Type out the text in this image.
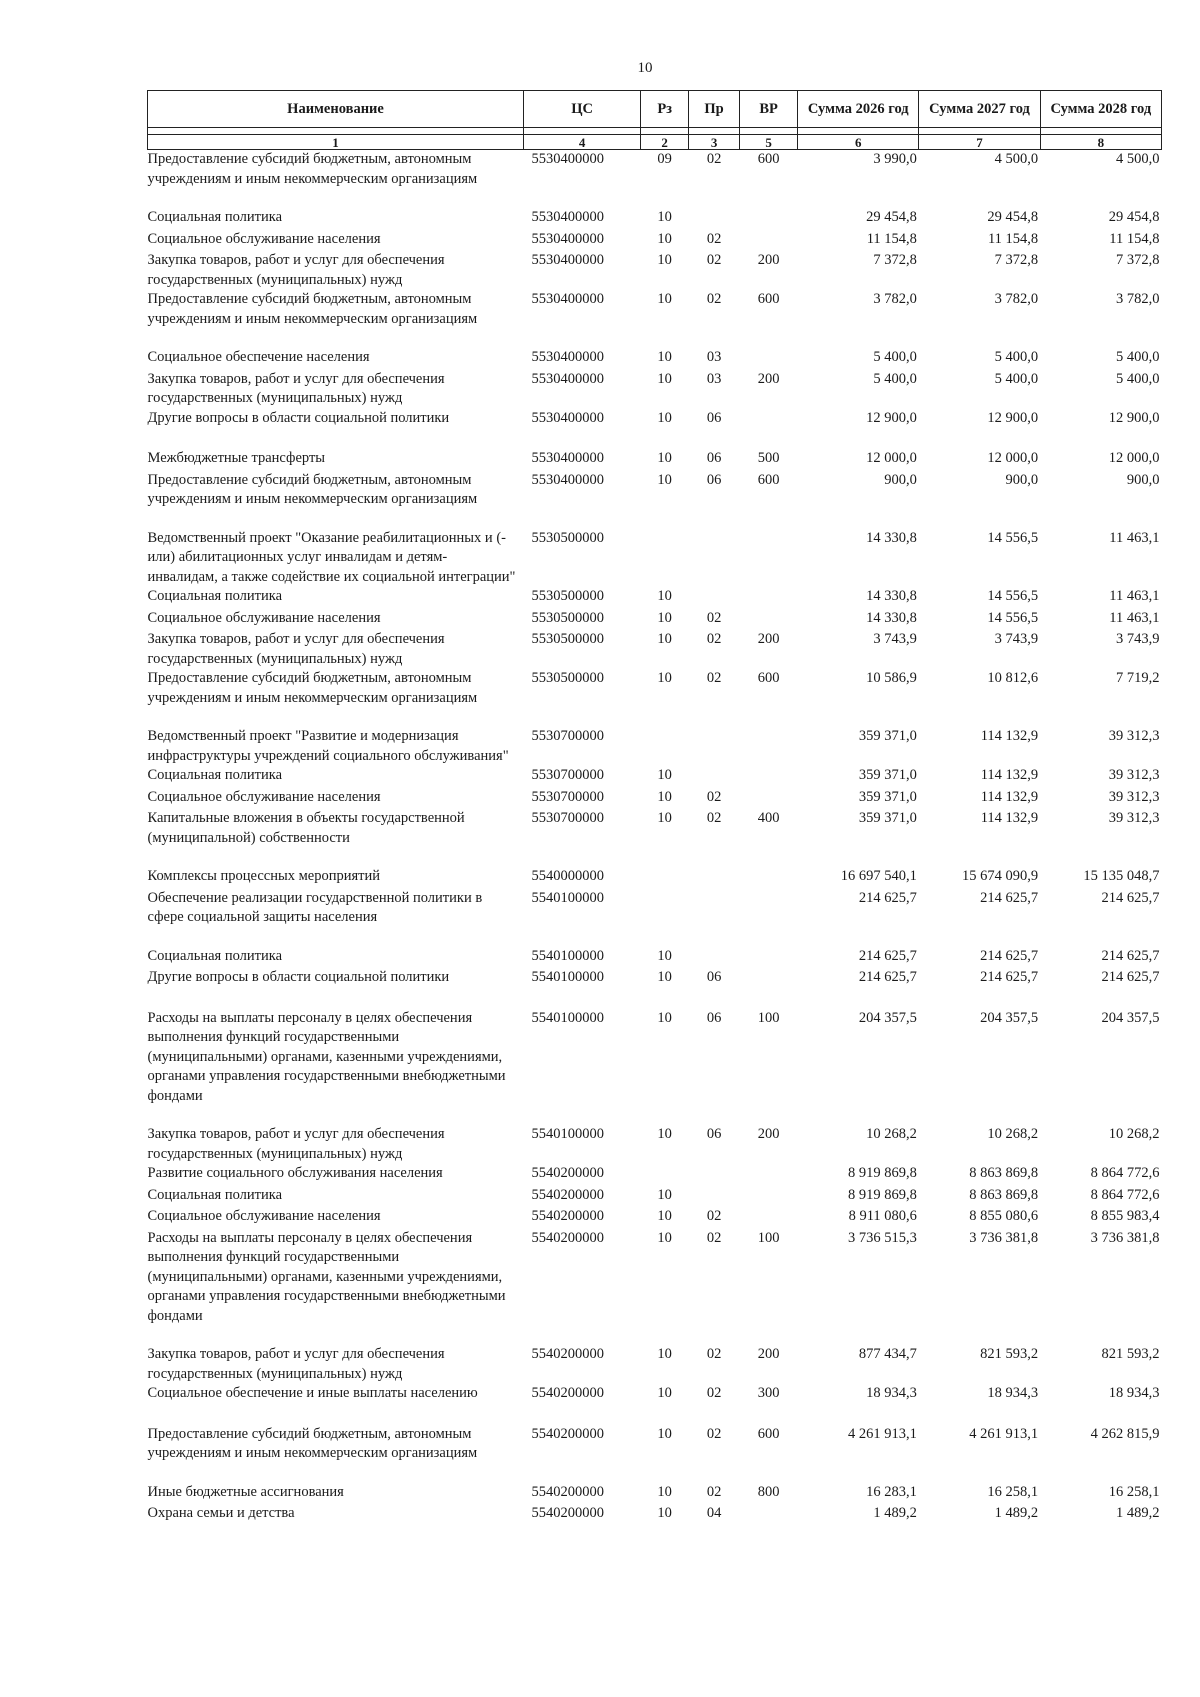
10
Наименование	ЦС	Рз	Пр	ВР	Сумма 2026 год	Сумма 2027 год	Сумма 2028 год

1	4	2	3	5	6	7	8
Предоставление субсидий бюджетным, автономным учреждениям и иным некоммерческим организациям	5530400000	09	02	600	3 990,0	4 500,0	4 500,0
Социальная политика	5530400000	10			29 454,8	29 454,8	29 454,8
Социальное обслуживание населения	5530400000	10	02		11 154,8	11 154,8	11 154,8
Закупка товаров, работ и услуг для обеспечения государственных (муниципальных) нужд	5530400000	10	02	200	7 372,8	7 372,8	7 372,8
Предоставление субсидий бюджетным, автономным учреждениям и иным некоммерческим организациям	5530400000	10	02	600	3 782,0	3 782,0	3 782,0
Социальное обеспечение населения	5530400000	10	03		5 400,0	5 400,0	5 400,0
Закупка товаров, работ и услуг для обеспечения государственных (муниципальных) нужд	5530400000	10	03	200	5 400,0	5 400,0	5 400,0
Другие вопросы в области социальной политики	5530400000	10	06		12 900,0	12 900,0	12 900,0
Межбюджетные трансферты	5530400000	10	06	500	12 000,0	12 000,0	12 000,0
Предоставление субсидий бюджетным, автономным учреждениям и иным некоммерческим организациям	5530400000	10	06	600	900,0	900,0	900,0
Ведомственный проект "Оказание реабилитационных и (-или) абилитационных услуг инвалидам и детям-инвалидам, а также содействие их социальной интеграции"	5530500000				14 330,8	14 556,5	11 463,1
Социальная политика	5530500000	10			14 330,8	14 556,5	11 463,1
Социальное обслуживание населения	5530500000	10	02		14 330,8	14 556,5	11 463,1
Закупка товаров, работ и услуг для обеспечения государственных (муниципальных) нужд	5530500000	10	02	200	3 743,9	3 743,9	3 743,9
Предоставление субсидий бюджетным, автономным учреждениям и иным некоммерческим организациям	5530500000	10	02	600	10 586,9	10 812,6	7 719,2
Ведомственный проект "Развитие и модернизация инфраструктуры учреждений социального обслуживания"	5530700000				359 371,0	114 132,9	39 312,3
Социальная политика	5530700000	10			359 371,0	114 132,9	39 312,3
Социальное обслуживание населения	5530700000	10	02		359 371,0	114 132,9	39 312,3
Капитальные вложения в объекты государственной (муниципальной) собственности	5530700000	10	02	400	359 371,0	114 132,9	39 312,3
Комплексы процессных мероприятий	5540000000				16 697 540,1	15 674 090,9	15 135 048,7
Обеспечение реализации государственной политики в сфере социальной защиты населения	5540100000				214 625,7	214 625,7	214 625,7
Социальная политика	5540100000	10			214 625,7	214 625,7	214 625,7
Другие вопросы в области социальной политики	5540100000	10	06		214 625,7	214 625,7	214 625,7
Расходы на выплаты персоналу в целях обеспечения выполнения функций государственными (муниципальными) органами, казенными учреждениями, органами управления государственными внебюджетными фондами	5540100000	10	06	100	204 357,5	204 357,5	204 357,5
Закупка товаров, работ и услуг для обеспечения государственных (муниципальных) нужд	5540100000	10	06	200	10 268,2	10 268,2	10 268,2
Развитие социального обслуживания населения	5540200000				8 919 869,8	8 863 869,8	8 864 772,6
Социальная политика	5540200000	10			8 919 869,8	8 863 869,8	8 864 772,6
Социальное обслуживание населения	5540200000	10	02		8 911 080,6	8 855 080,6	8 855 983,4
Расходы на выплаты персоналу в целях обеспечения выполнения функций государственными (муниципальными) органами, казенными учреждениями, органами управления государственными внебюджетными фондами	5540200000	10	02	100	3 736 515,3	3 736 381,8	3 736 381,8
Закупка товаров, работ и услуг для обеспечения государственных (муниципальных) нужд	5540200000	10	02	200	877 434,7	821 593,2	821 593,2
Социальное обеспечение и иные выплаты населению	5540200000	10	02	300	18 934,3	18 934,3	18 934,3
Предоставление субсидий бюджетным, автономным учреждениям и иным некоммерческим организациям	5540200000	10	02	600	4 261 913,1	4 261 913,1	4 262 815,9
Иные бюджетные ассигнования	5540200000	10	02	800	16 283,1	16 258,1	16 258,1
Охрана семьи и детства	5540200000	10	04		1 489,2	1 489,2	1 489,2
